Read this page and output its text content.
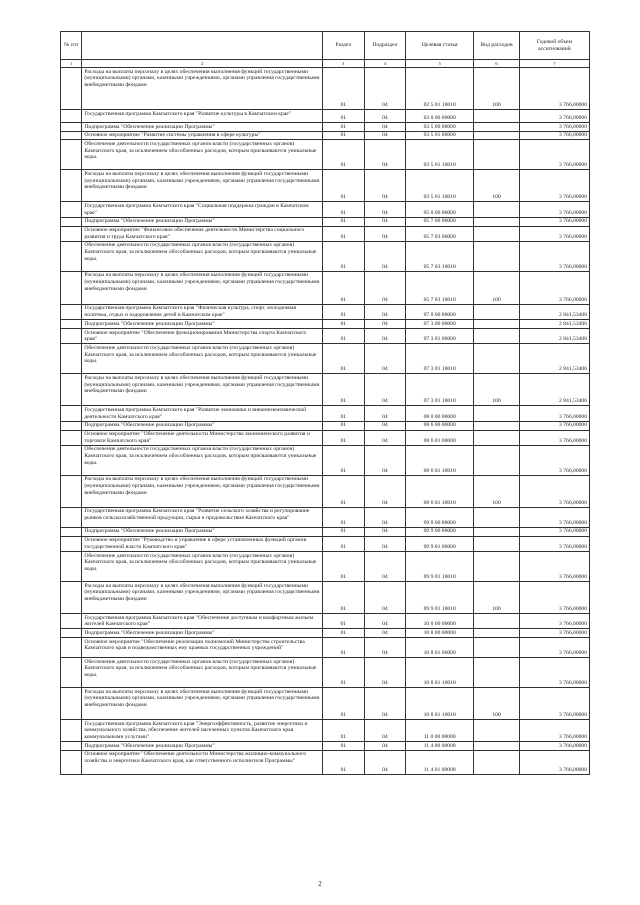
№ п/п		Раздел	Подраздел	Целевая статья	Вид расходов	Годовой объем ассигнований
1	2	3	4	5	6	7
	Расходы на выплаты персоналу в целях обеспечения выполнения функций государственными (муниципальными) органами, казенными учреждениями, органами управления государственными внебюджетными фондами	01	04	02 5 01 10010	100	3 766,00000
	Государственная программа Камчатского края "Развитие культуры в Камчатском крае"	01	04	03 0 00 00000		3 766,00000
	Подпрограмма "Обеспечение реализации Программы"	01	04	03 5 00 00000		3 766,00000
	Основное мероприятие "Развитие системы управления в сфере культуры"	01	04	03 5 01 00000		3 766,00000
	Обеспечение деятельности государственных органов власти (государственных органов) Камчатского края, за исключением обособленных расходов, которым присваиваются уникальные коды.	01	04	03 5 01 10010		3 766,00000
	Расходы на выплаты персоналу в целях обеспечения выполнения функций государственными (муниципальными) органами, казенными учреждениями, органами управления государственными внебюджетными фондами	01	04	03 5 01 10010	100	3 766,00000
	Государственная программа Камчатского края "Социальная поддержка граждан в Камчатском крае"	01	04	05 0 00 00000		3 766,00000
	Подпрограмма "Обеспечение реализации Программы"	01	04	05 7 00 00000		3 766,00000
	Основное мероприятие "Финансовое обеспечение деятельности Министерства социального развития и труда Камчатского края"	01	04	05 7 03 00000		3 766,00000
	Обеспечение деятельности государственных органов власти (государственных органов) Камчатского края, за исключением обособленных расходов, которым присваиваются уникальные коды.	01	04	05 7 03 10010		3 766,00000
	Расходы на выплаты персоналу в целях обеспечения выполнения функций государственными (муниципальными) органами, казенными учреждениями, органами управления государственными внебюджетными фондами	01	04	05 7 03 10010	100	3 766,00000
	Государственная программа Камчатского края "Физическая культура, спорт, молодежная политика, отдых и оздоровление детей в Камчатском крае"	01	04	07 0 00 00000		2 841,53406
	Подпрограмма "Обеспечение реализации Программы"	01	04	07 3 00 00000		2 841,53406
	Основное мероприятие "Обеспечение функционирования Министерства спорта Камчатского края"	01	04	07 3 01 00000		2 841,53406
	Обеспечение деятельности государственных органов власти (государственных органов) Камчатского края, за исключением обособленных расходов, которым присваиваются уникальные коды.	01	04	07 3 01 10010		2 841,53406
	Расходы на выплаты персоналу в целях обеспечения выполнения функций государственными (муниципальными) органами, казенными учреждениями, органами управления государственными внебюджетными фондами	01	04	07 3 01 10010	100	2 841,53406
	Государственная программа Камчатского края "Развитие экономики и внешнеэкономической деятельности Камчатского края"	01	04	08 0 00 00000		3 766,00000
	Подпрограмма "Обеспечение реализации Программы"	01	04	08 6 00 00000		3 766,00000
	Основное мероприятие "Обеспечение деятельности Министерства экономического развития и торговли Камчатского края"	01	04	08 6 01 00000		3 766,00000
	Обеспечение деятельности государственных органов власти (государственных органов) Камчатского края, за исключением обособленных расходов, которым присваиваются уникальные коды.	01	04	08 6 01 10010		3 766,00000
	Расходы на выплаты персоналу в целях обеспечения выполнения функций государственными (муниципальными) органами, казенными учреждениями, органами управления государственными внебюджетными фондами	01	04	08 6 01 10010	100	3 766,00000
	Государственная программа Камчатского края "Развитие сельского хозяйства и регулирование рынков сельскохозяйственной продукции, сырья и продовольствия Камчатского края"	01	04	09 0 00 00000		3 766,00000
	Подпрограмма "Обеспечение реализации Программы"	01	04	09 9 00 00000		3 766,00000
	Основное мероприятие "Руководство и управление в сфере установленных функций органов государственной власти Камчатского края"	01	04	09 9 01 00000		3 766,00000
	Обеспечение деятельности государственных органов власти (государственных органов) Камчатского края, за исключением обособленных расходов, которым присваиваются уникальные коды.	01	04	09 9 01 10010		3 766,00000
	Расходы на выплаты персоналу в целях обеспечения выполнения функций государственными (муниципальными) органами, казенными учреждениями, органами управления государственными внебюджетными фондами	01	04	09 9 01 10010	100	3 766,00000
	Государственная программа Камчатского края "Обеспечение доступным и комфортным жильем жителей Камчатского края"	01	04	10 0 00 00000		3 766,00000
	Подпрограмма "Обеспечение реализации Программы"	01	04	10 8 00 00000		3 766,00000
	Основное мероприятие "Обеспечение реализации полномочий Министерства строительства Камчатского края и подведомственных ему краевых государственных учреждений"	01	04	10 8 01 00000		3 766,00000
	Обеспечение деятельности государственных органов власти (государственных органов) Камчатского края, за исключением обособленных расходов, которым присваиваются уникальные коды.	01	04	10 8 01 10010		3 766,00000
	Расходы на выплаты персоналу в целях обеспечения выполнения функций государственными (муниципальными) органами, казенными учреждениями, органами управления государственными внебюджетными фондами	01	04	10 8 01 10010	100	3 766,00000
	Государственная программа Камчатского края "Энергоэффективность, развитие энергетики и коммунального хозяйства, обеспечение жителей населенных пунктов Камчатского края коммунальными услугами"	01	04	11 0 00 00000		3 766,00000
	Подпрограмма "Обеспечение реализации Программы"	01	04	11 4 00 00000		3 766,00000
	Основное мероприятие "Обеспечение деятельности Министерства жилищно-коммунального хозяйства и энергетики Камчатского края, как ответственного исполнителя Программы"	01	04	11 4 01 00000		3 766,00000
2
